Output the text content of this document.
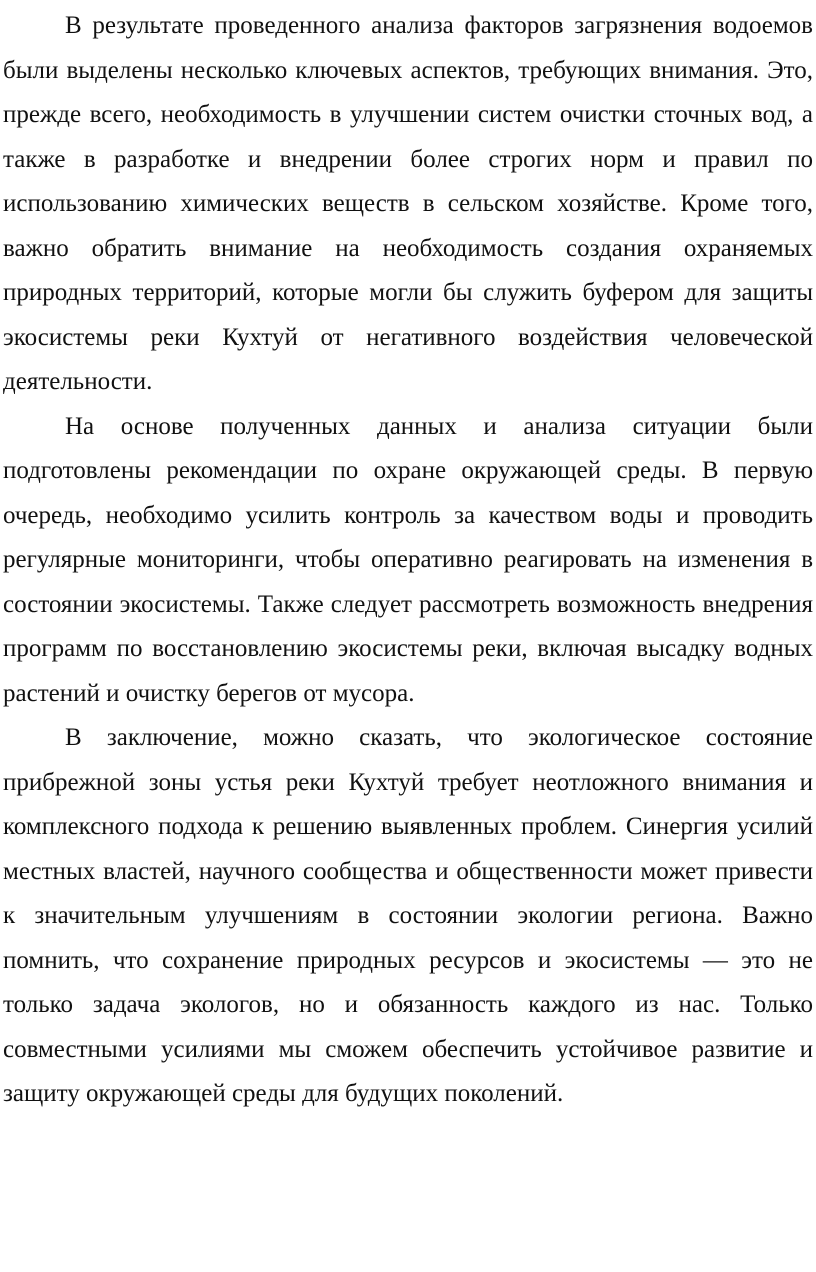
В результате проведенного анализа факторов загрязнения водоемов были выделены несколько ключевых аспектов, требующих внимания. Это, прежде всего, необходимость в улучшении систем очистки сточных вод, а также в разработке и внедрении более строгих норм и правил по использованию химических веществ в сельском хозяйстве. Кроме того, важно обратить внимание на необходимость создания охраняемых природных территорий, которые могли бы служить буфером для защиты экосистемы реки Кухтуй от негативного воздействия человеческой деятельности.

На основе полученных данных и анализа ситуации были подготовлены рекомендации по охране окружающей среды. В первую очередь, необходимо усилить контроль за качеством воды и проводить регулярные мониторинги, чтобы оперативно реагировать на изменения в состоянии экосистемы. Также следует рассмотреть возможность внедрения программ по восстановлению экосистемы реки, включая высадку водных растений и очистку берегов от мусора.

В заключение, можно сказать, что экологическое состояние прибрежной зоны устья реки Кухтуй требует неотложного внимания и комплексного подхода к решению выявленных проблем. Синергия усилий местных властей, научного сообщества и общественности может привести к значительным улучшениям в состоянии экологии региона. Важно помнить, что сохранение природных ресурсов и экосистемы — это не только задача экологов, но и обязанность каждого из нас. Только совместными усилиями мы сможем обеспечить устойчивое развитие и защиту окружающей среды для будущих поколений.
